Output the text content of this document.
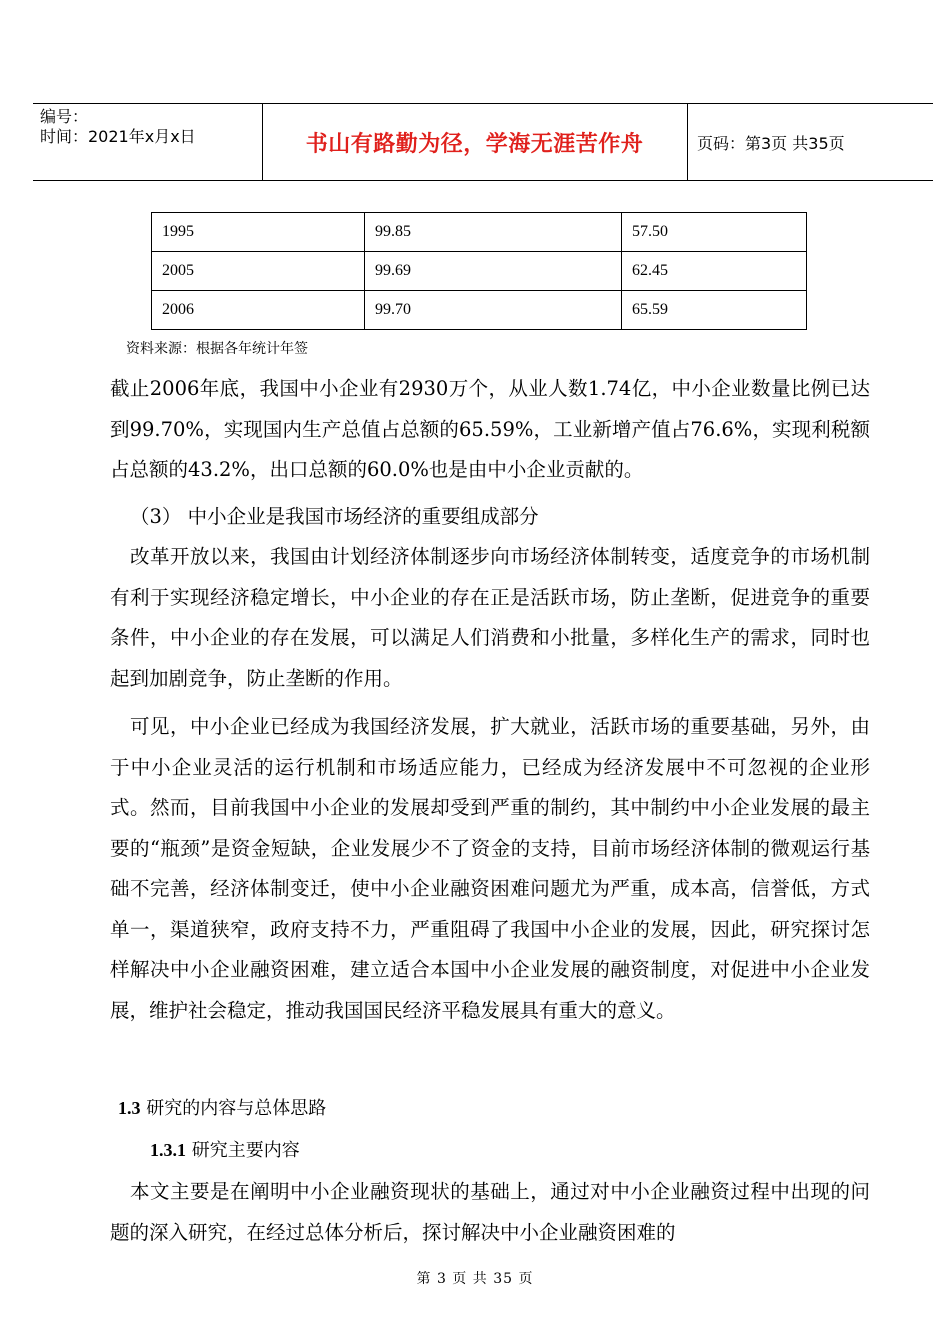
编号：
时间：2021年x月x日	书山有路勤为径，学海无涯苦作舟	页码：第3页 共35页
1995	99.85	57.50
2005	99.69	62.45
2006	99.70	65.59
资料来源：根据各年统计年签

截止2006年底，我国中小企业有2930万个，从业人数1.74亿，中小企业数量比例已达到99.70%，实现国内生产总值占总额的65.59%，工业新增产值占76.6%，实现利税额占总额的43.2%，出口总额的60.0%也是由中小企业贡献的。

（3） 中小企业是我国市场经济的重要组成部分

改革开放以来，我国由计划经济体制逐步向市场经济体制转变，适度竞争的市场机制有利于实现经济稳定增长，中小企业的存在正是活跃市场，防止垄断，促进竞争的重要条件，中小企业的存在发展，可以满足人们消费和小批量，多样化生产的需求，同时也起到加剧竞争，防止垄断的作用。

可见，中小企业已经成为我国经济发展，扩大就业，活跃市场的重要基础，另外，由于中小企业灵活的运行机制和市场适应能力，已经成为经济发展中不可忽视的企业形式。然而，目前我国中小企业的发展却受到严重的制约，其中制约中小企业发展的最主要的“瓶颈”是资金短缺，企业发展少不了资金的支持，目前市场经济体制的微观运行基础不完善，经济体制变迁，使中小企业融资困难问题尤为严重，成本高，信誉低，方式单一，渠道狭窄，政府支持不力，严重阻碍了我国中小企业的发展，因此，研究探讨怎样解决中小企业融资困难，建立适合本国中小企业发展的融资制度，对促进中小企业发展，维护社会稳定，推动我国国民经济平稳发展具有重大的意义。

1.3 研究的内容与总体思路
1.3.1 研究主要内容

本文主要是在阐明中小企业融资现状的基础上，通过对中小企业融资过程中出现的问题的深入研究，在经过总体分析后，探讨解决中小企业融资困难的

第 3 页 共 35 页
